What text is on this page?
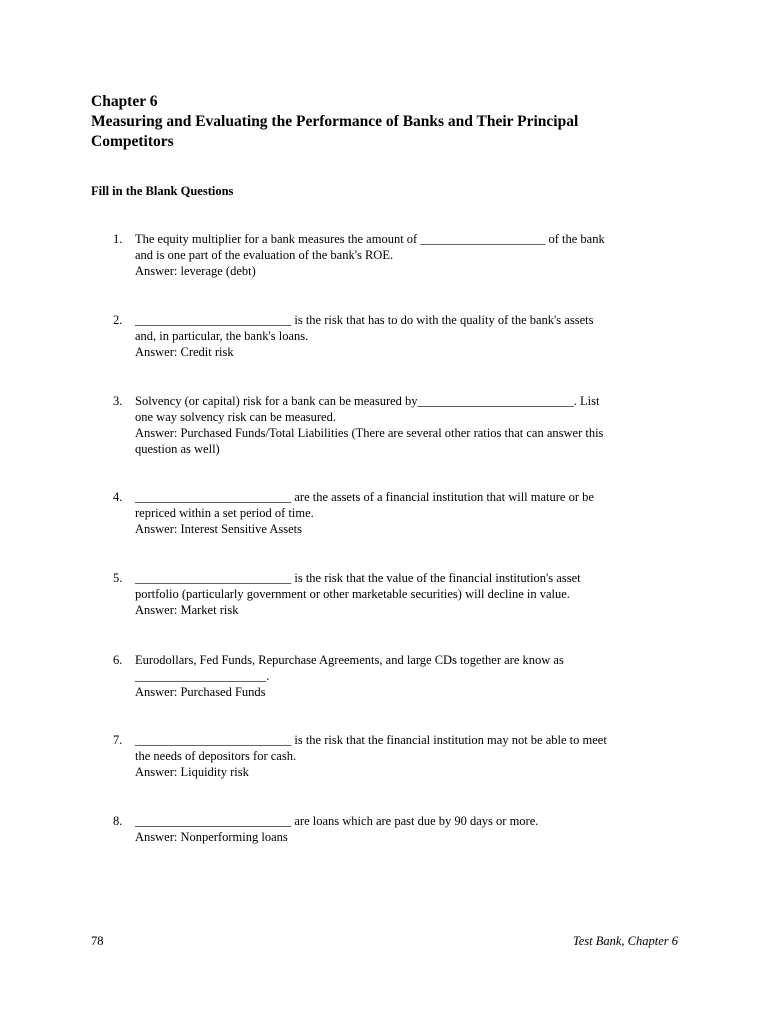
Chapter 6
Measuring and Evaluating the Performance of Banks and Their Principal
Competitors
Fill in the Blank Questions
1.	The equity multiplier for a bank measures the amount of ____________________ of the bank
and is one part of the evaluation of the bank's ROE.
Answer: leverage (debt)
2.	_________________________ is the risk that has to do with the quality of the bank's assets
and, in particular, the bank's loans.
Answer: Credit risk
3.	Solvency (or capital) risk for a bank can be measured by_________________________. List
one way solvency risk can be measured.
Answer: Purchased Funds/Total Liabilities (There are several other ratios that can answer this
question as well)
4.	_________________________ are the assets of a financial institution that will mature or be
repriced within a set period of time.
Answer: Interest Sensitive Assets
5.	_________________________ is the risk that the value of the financial institution's asset
portfolio (particularly government or other marketable securities) will decline in value.
Answer: Market risk
6.	Eurodollars, Fed Funds, Repurchase Agreements, and large CDs together are know as
_____________________.
Answer: Purchased Funds
7.	_________________________ is the risk that the financial institution may not be able to meet
the needs of depositors for cash.
Answer: Liquidity risk
8.	_________________________ are loans which are past due by 90 days or more.
Answer: Nonperforming loans
78	Test Bank, Chapter 6
